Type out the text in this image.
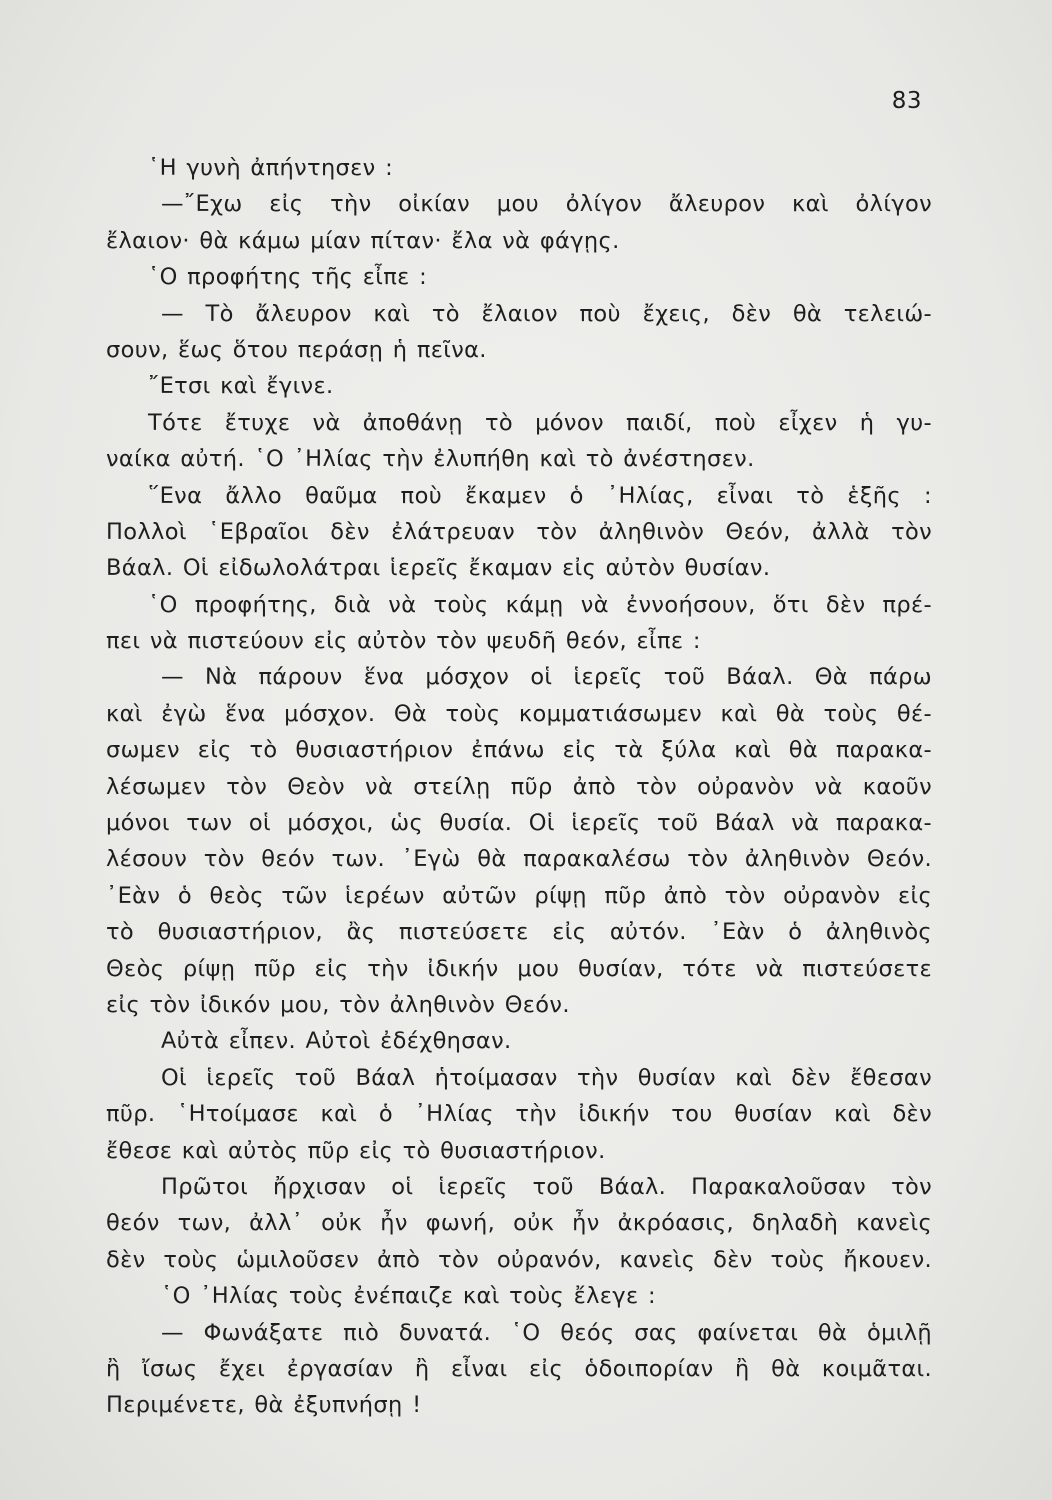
83
῾Η γυνὴ ἀπήντησεν :
—῎Εχω εἰς τὴν οἰκίαν μου ὀλίγον ἄλευρον καὶ ὀλίγον
ἔλαιον· θὰ κάμω μίαν πίταν· ἔλα νὰ φάγῃς.
῾Ο προφήτης τῆς εἶπε :
— Τὸ ἄλευρον καὶ τὸ ἔλαιον ποὺ ἔχεις, δὲν θὰ τελειώ-
σουν, ἕως ὅτου περάσῃ ἡ πεῖνα.
῎Ετσι καὶ ἔγινε.
Τότε ἔτυχε νὰ ἀποθάνῃ τὸ μόνον παιδί, ποὺ εἶχεν ἡ γυ-
ναίκα αὐτή. ῾Ο ᾿Ηλίας τὴν ἐλυπήθη καὶ τὸ ἀνέστησεν.
῞Ενα ἄλλο θαῦμα ποὺ ἔκαμεν ὁ ᾿Ηλίας, εἶναι τὸ ἑξῆς :
Πολλοὶ ῾Εβραῖοι δὲν ἐλάτρευαν τὸν ἀληθινὸν Θεόν, ἀλλὰ τὸν
Βάαλ. Οἱ εἰδωλολάτραι ἱερεῖς ἔκαμαν εἰς αὐτὸν θυσίαν.
῾Ο προφήτης, διὰ νὰ τοὺς κάμῃ νὰ ἐννοήσουν, ὅτι δὲν πρέ-
πει νὰ πιστεύουν εἰς αὐτὸν τὸν ψευδῆ θεόν, εἶπε :
— Νὰ πάρουν ἕνα μόσχον οἱ ἱερεῖς τοῦ Βάαλ. Θὰ πάρω
καὶ ἐγὼ ἕνα μόσχον. Θὰ τοὺς κομματιάσωμεν καὶ θὰ τοὺς θέ-
σωμεν εἰς τὸ θυσιαστήριον ἐπάνω εἰς τὰ ξύλα καὶ θὰ παρακα-
λέσωμεν τὸν Θεὸν νὰ στείλῃ πῦρ ἀπὸ τὸν οὐρανὸν νὰ καοῦν
μόνοι των οἱ μόσχοι, ὡς θυσία. Οἱ ἱερεῖς τοῦ Βάαλ νὰ παρακα-
λέσουν τὸν θεόν των. ᾿Εγὼ θὰ παρακαλέσω τὸν ἀληθινὸν Θεόν.
᾿Εὰν ὁ θεὸς τῶν ἱερέων αὐτῶν ρίψῃ πῦρ ἀπὸ τὸν οὐρανὸν εἰς
τὸ θυσιαστήριον, ἂς πιστεύσετε εἰς αὐτόν. ᾿Εὰν ὁ ἀληθινὸς
Θεὸς ρίψῃ πῦρ εἰς τὴν ἰδικήν μου θυσίαν, τότε νὰ πιστεύσετε
εἰς τὸν ἰδικόν μου, τὸν ἀληθινὸν Θεόν.
Αὐτὰ εἶπεν. Αὐτοὶ ἐδέχθησαν.
Οἱ ἱερεῖς τοῦ Βάαλ ἡτοίμασαν τὴν θυσίαν καὶ δὲν ἔθεσαν
πῦρ. ῾Ητοίμασε καὶ ὁ ᾿Ηλίας τὴν ἰδικήν του θυσίαν καὶ δὲν
ἔθεσε καὶ αὐτὸς πῦρ εἰς τὸ θυσιαστήριον.
Πρῶτοι ἤρχισαν οἱ ἱερεῖς τοῦ Βάαλ. Παρακαλοῦσαν τὸν
θεόν των, ἀλλ᾿ οὐκ ἦν φωνή, οὐκ ἦν ἀκρόασις, δηλαδὴ κανεὶς
δὲν τοὺς ὡμιλοῦσεν ἀπὸ τὸν οὐρανόν, κανεὶς δὲν τοὺς ἤκουεν.
῾Ο ᾿Ηλίας τοὺς ἐνέπαιζε καὶ τοὺς ἔλεγε :
— Φωνάξατε πιὸ δυνατά. ῾Ο θεός σας φαίνεται θὰ ὁμιλῇ
ἢ ἴσως ἔχει ἐργασίαν ἢ εἶναι εἰς ὁδοιπορίαν ἢ θὰ κοιμᾶται.
Περιμένετε, θὰ ἐξυπνήσῃ !
